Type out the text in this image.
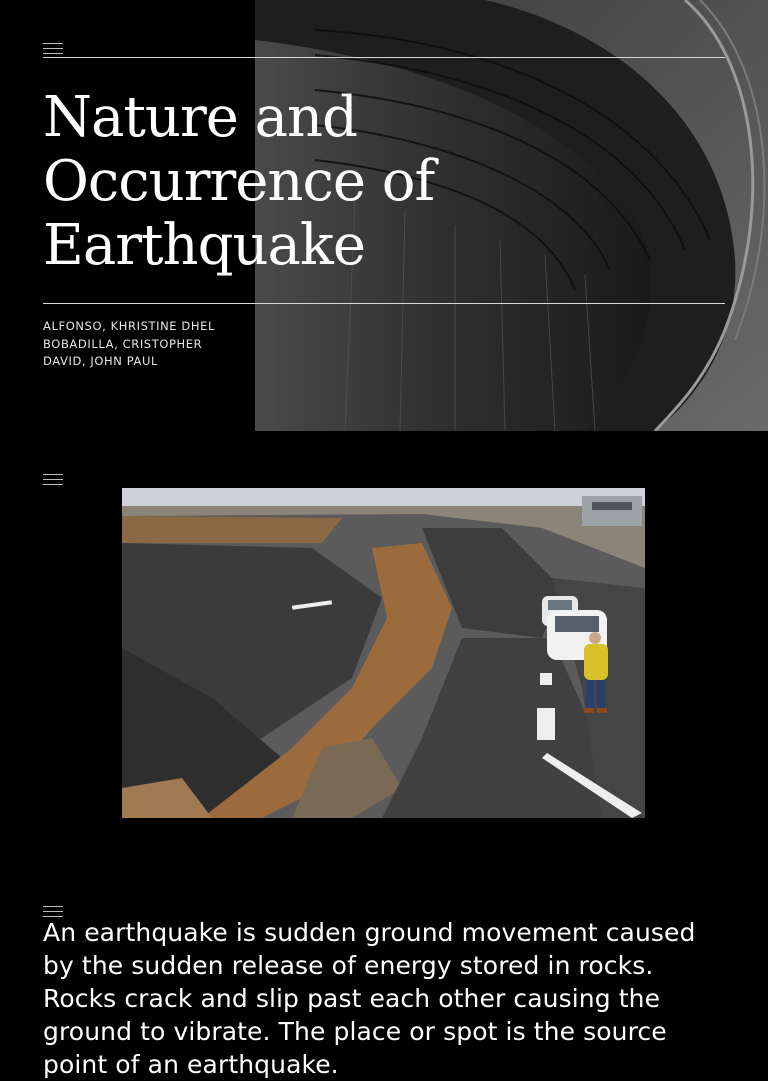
Nature and
Occurrence of
Earthquake
ALFONSO, KHRISTINE DHEL
BOBADILLA, CRISTOPHER
DAVID, JOHN PAUL

An earthquake is sudden ground movement caused by the sudden release of energy stored in rocks. Rocks crack and slip past each other causing the ground to vibrate. The place or spot is the source point of an earthquake.
